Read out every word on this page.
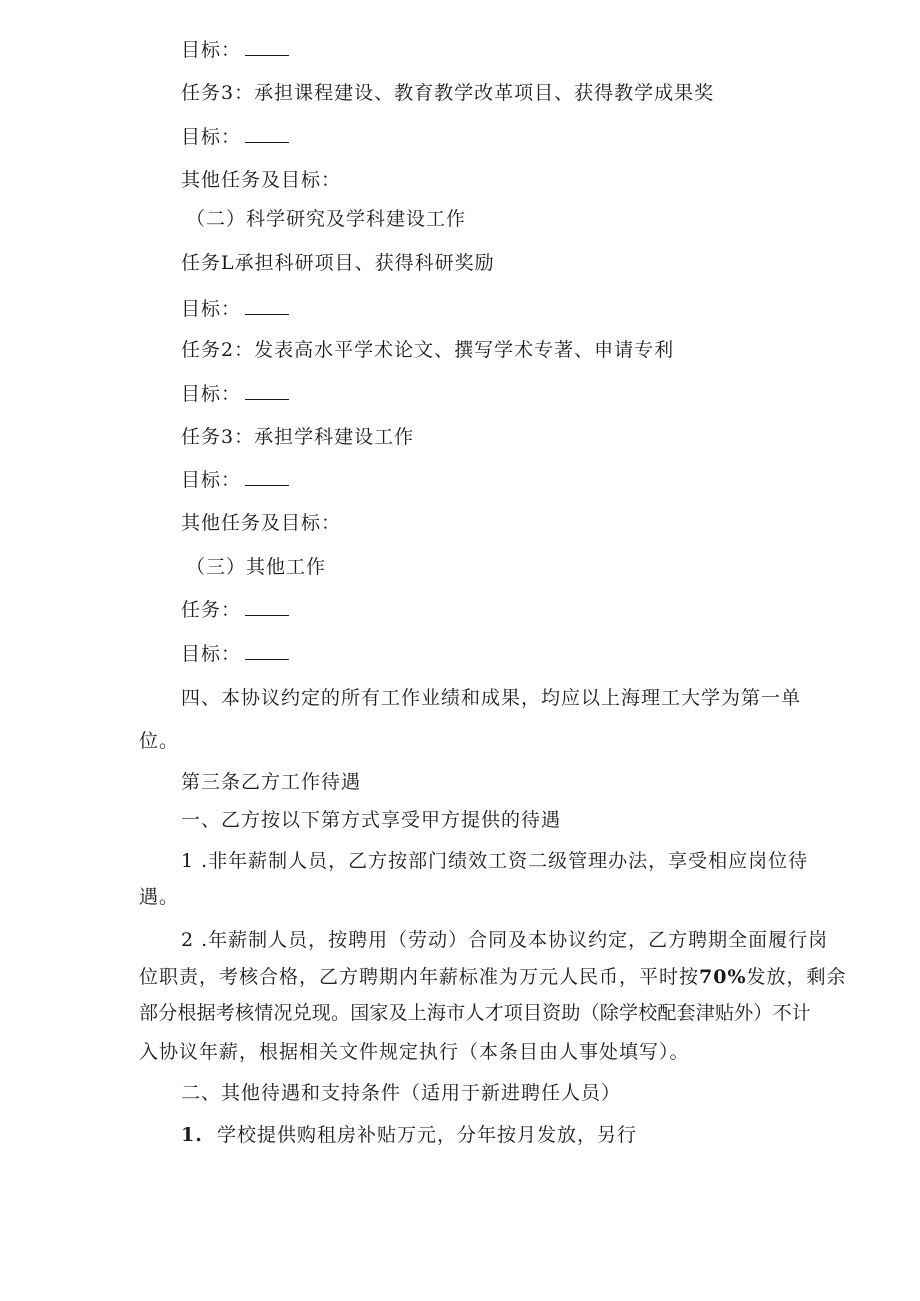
目标：
任务3：承担课程建设、教育教学改革项目、获得教学成果奖
目标：
其他任务及目标：
（二）科学研究及学科建设工作
任务L承担科研项目、获得科研奖励
目标：
任务2：发表高水平学术论文、撰写学术专著、申请专利
目标：
任务3：承担学科建设工作
目标：
其他任务及目标：
（三）其他工作
任务：
目标：
四、本协议约定的所有工作业绩和成果，均应以上海理工大学为第一单
位。
第三条乙方工作待遇
一、乙方按以下第方式享受甲方提供的待遇
1 .非年薪制人员，乙方按部门绩效工资二级管理办法，享受相应岗位待
遇。
2 .年薪制人员，按聘用（劳动）合同及本协议约定，乙方聘期全面履行岗
位职责，考核合格，乙方聘期内年薪标准为万元人民币，平时按70%发放，剩余
部分根据考核情况兑现。国家及上海市人才项目资助（除学校配套津贴外）不计
入协议年薪，根据相关文件规定执行（本条目由人事处填写）。
二、其他待遇和支持条件（适用于新进聘任人员）
1. 学校提供购租房补贴万元，分年按月发放，另行
